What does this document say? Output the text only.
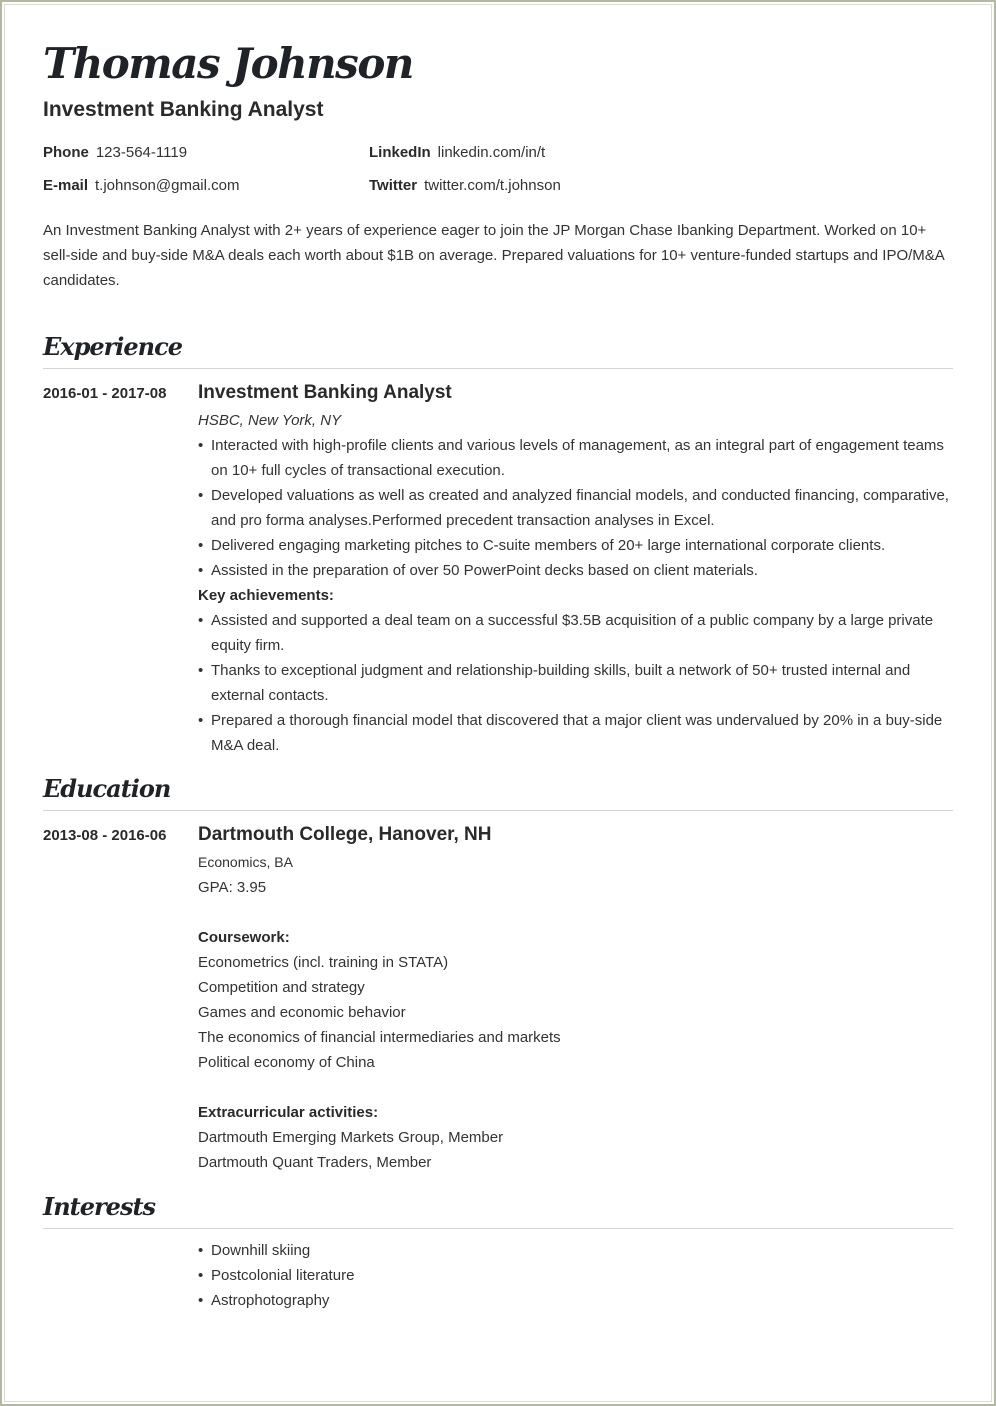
Thomas Johnson
Investment Banking Analyst
Phone 123-564-1119
E-mail t.johnson@gmail.com
LinkedIn linkedin.com/in/t
Twitter twitter.com/t.johnson

An Investment Banking Analyst with 2+ years of experience eager to join the JP Morgan Chase Ibanking Department. Worked on 10+ sell-side and buy-side M&A deals each worth about $1B on average. Prepared valuations for 10+ venture-funded startups and IPO/M&A candidates.

Experience
2016-01 - 2017-08 Investment Banking Analyst
HSBC, New York, NY
• Interacted with high-profile clients and various levels of management, as an integral part of engagement teams on 10+ full cycles of transactional execution.
• Developed valuations as well as created and analyzed financial models, and conducted financing, comparative, and pro forma analyses.Performed precedent transaction analyses in Excel.
• Delivered engaging marketing pitches to C-suite members of 20+ large international corporate clients.
• Assisted in the preparation of over 50 PowerPoint decks based on client materials.
Key achievements:
• Assisted and supported a deal team on a successful $3.5B acquisition of a public company by a large private equity firm.
• Thanks to exceptional judgment and relationship-building skills, built a network of 50+ trusted internal and external contacts.
• Prepared a thorough financial model that discovered that a major client was undervalued by 20% in a buy-side M&A deal.
Education
2013-08 - 2016-06 Dartmouth College, Hanover, NH
Economics, BA
GPA: 3.95
Coursework:
Econometrics (incl. training in STATA)
Competition and strategy
Games and economic behavior
The economics of financial intermediaries and markets
Political economy of China
Extracurricular activities:
Dartmouth Emerging Markets Group, Member
Dartmouth Quant Traders, Member
Interests
• Downhill skiing
• Postcolonial literature
• Astrophotography
